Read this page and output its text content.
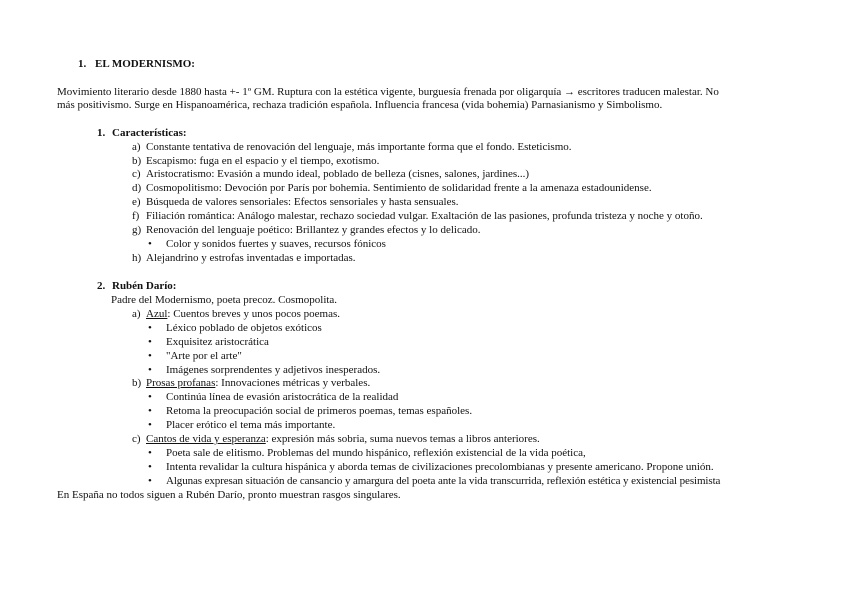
1. EL MODERNISMO:
Movimiento literario desde 1880 hasta +- 1º GM. Ruptura con la estética vigente, burguesía frenada por oligarquía → escritores traducen malestar. No
más positivismo. Surge en Hispanoamérica, rechaza tradición española. Influencia francesa (vida bohemia) Parnasianismo y Simbolismo.
1. Características:
a) Constante tentativa de renovación del lenguaje, más importante forma que el fondo. Esteticismo.
b) Escapismo: fuga en el espacio y el tiempo, exotismo.
c) Aristocratismo: Evasión a mundo ideal, poblado de belleza (cisnes, salones, jardines...)
d) Cosmopolitismo: Devoción por París por bohemia. Sentimiento de solidaridad frente a la amenaza estadounidense.
e) Búsqueda de valores sensoriales: Efectos sensoriales y hasta sensuales.
f) Filiación romántica: Análogo malestar, rechazo sociedad vulgar. Exaltación de las pasiones, profunda tristeza y noche y otoño.
g) Renovación del lenguaje poético: Brillantez y grandes efectos y lo delicado.
• Color y sonidos fuertes y suaves, recursos fónicos
h) Alejandrino y estrofas inventadas e importadas.
2. Rubén Darío:
Padre del Modernismo, poeta precoz. Cosmopolita.
a) Azul: Cuentos breves y unos pocos poemas.
• Léxico poblado de objetos exóticos
• Exquisitez aristocrática
• "Arte por el arte"
• Imágenes sorprendentes y adjetivos inesperados.
b) Prosas profanas: Innovaciones métricas y verbales.
• Continúa línea de evasión aristocrática de la realidad
• Retoma la preocupación social de primeros poemas, temas españoles.
• Placer erótico el tema más importante.
c) Cantos de vida y esperanza: expresión más sobria, suma nuevos temas a libros anteriores.
• Poeta sale de elitismo. Problemas del mundo hispánico, reflexión existencial de la vida poética,
• Intenta revalidar la cultura hispánica y aborda temas de civilizaciones precolombianas y presente americano. Propone unión.
• Algunas expresan situación de cansancio y amargura del poeta ante la vida transcurrida, reflexión estética y existencial pesimista
En España no todos siguen a Rubén Darío, pronto muestran rasgos singulares.
